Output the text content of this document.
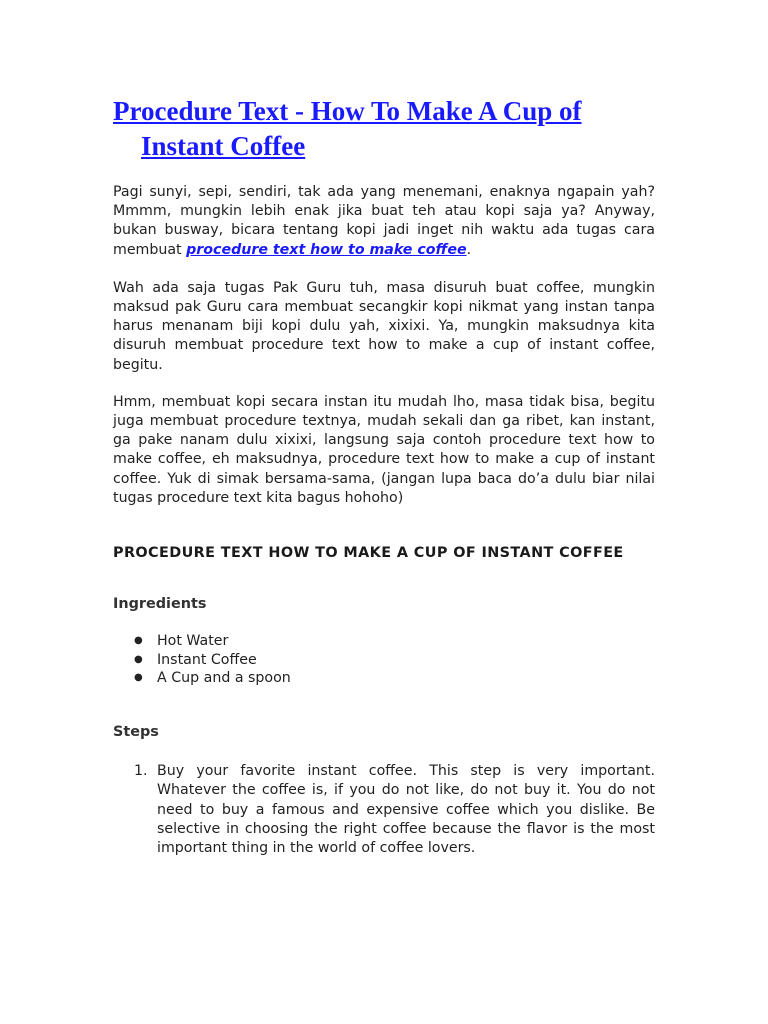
Procedure Text - How To Make A Cup of Instant Coffee

Pagi sunyi, sepi, sendiri, tak ada yang menemani, enaknya ngapain yah? Mmmm, mungkin lebih enak jika buat teh atau kopi saja ya? Anyway, bukan busway, bicara tentang kopi jadi inget nih waktu ada tugas cara membuat procedure text how to make coffee.

Wah ada saja tugas Pak Guru tuh, masa disuruh buat coffee, mungkin maksud pak Guru cara membuat secangkir kopi nikmat yang instan tanpa harus menanam biji kopi dulu yah, xixixi. Ya, mungkin maksudnya kita disuruh membuat procedure text how to make a cup of instant coffee, begitu.

Hmm, membuat kopi secara instan itu mudah lho, masa tidak bisa, begitu juga membuat procedure textnya, mudah sekali dan ga ribet, kan instant, ga pake nanam dulu xixixi, langsung saja contoh procedure text how to make coffee, eh maksudnya, procedure text how to make a cup of instant coffee. Yuk di simak bersama-sama, (jangan lupa baca do’a dulu biar nilai tugas procedure text kita bagus hohoho)

PROCEDURE TEXT HOW TO MAKE A CUP OF INSTANT COFFEE
Ingredients
● Hot Water
● Instant Coffee
● A Cup and a spoon
Steps
1. Buy your favorite instant coffee. This step is very important. Whatever the coffee is, if you do not like, do not buy it. You do not need to buy a famous and expensive coffee which you dislike. Be selective in choosing the right coffee because the flavor is the most important thing in the world of coffee lovers.
